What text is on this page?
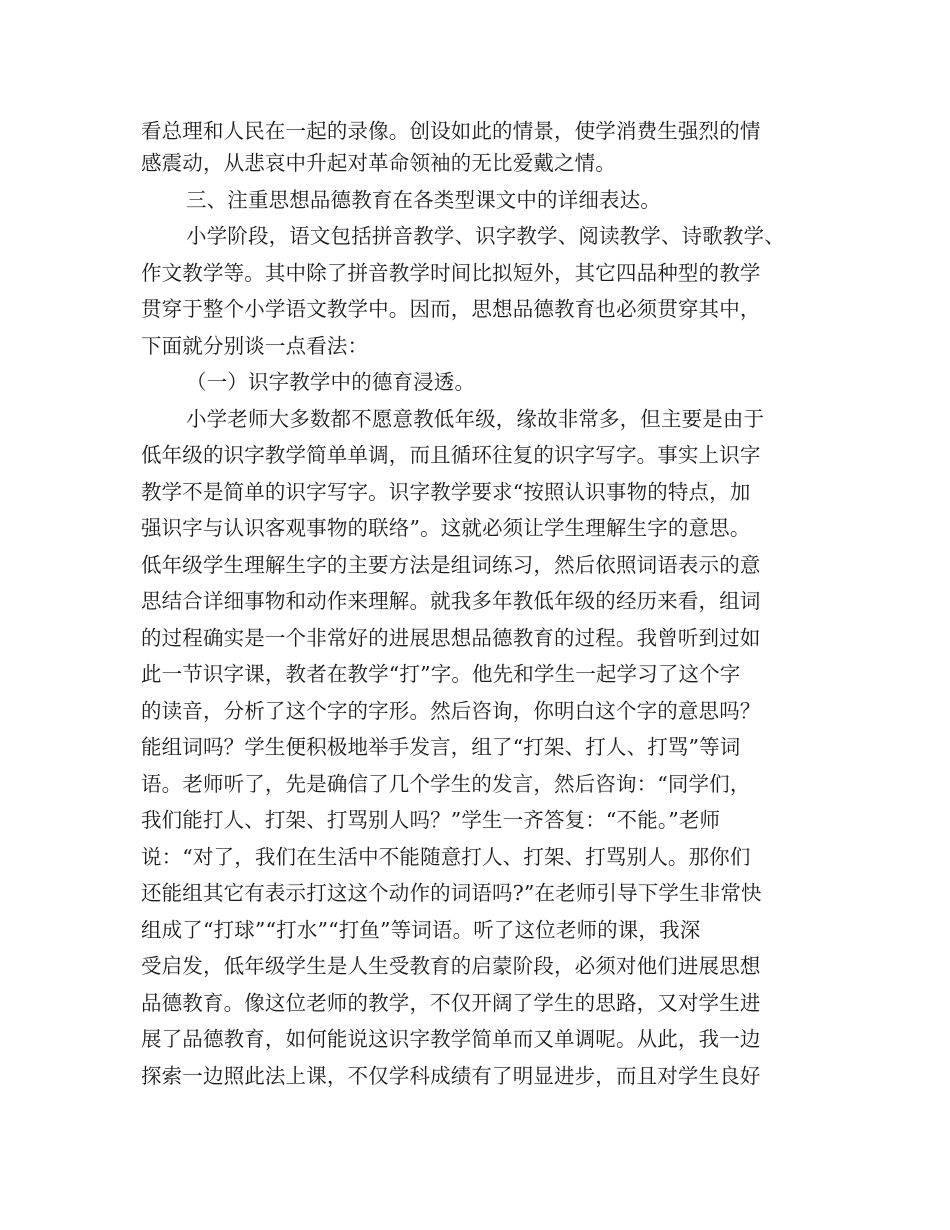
看总理和人民在一起的录像。创设如此的情景，使学消费生强烈的情
感震动，从悲哀中升起对革命领袖的无比爱戴之情。
三、注重思想品德教育在各类型课文中的详细表达。
小学阶段，语文包括拼音教学、识字教学、阅读教学、诗歌教学、
作文教学等。其中除了拼音教学时间比拟短外，其它四品种型的教学
贯穿于整个小学语文教学中。因而，思想品德教育也必须贯穿其中，
下面就分别谈一点看法：
（一）识字教学中的德育浸透。
小学老师大多数都不愿意教低年级，缘故非常多，但主要是由于
低年级的识字教学简单单调，而且循环往复的识字写字。事实上识字
教学不是简单的识字写字。识字教学要求“按照认识事物的特点，加
强识字与认识客观事物的联络”。这就必须让学生理解生字的意思。
低年级学生理解生字的主要方法是组词练习，然后依照词语表示的意
思结合详细事物和动作来理解。就我多年教低年级的经历来看，组词
的过程确实是一个非常好的进展思想品德教育的过程。我曾听到过如
此一节识字课，教者在教学“打”字。他先和学生一起学习了这个字
的读音，分析了这个字的字形。然后咨询，你明白这个字的意思吗？
能组词吗？学生便积极地举手发言，组了“打架、打人、打骂”等词
语。老师听了，先是确信了几个学生的发言，然后咨询：“同学们，
我们能打人、打架、打骂别人吗？”学生一齐答复：“不能。”老师
说：“对了，我们在生活中不能随意打人、打架、打骂别人。那你们
还能组其它有表示打这这个动作的词语吗?”在老师引导下学生非常快
组成了“打球”“打水”“打鱼”等词语。听了这位老师的课，我深
受启发，低年级学生是人生受教育的启蒙阶段，必须对他们进展思想
品德教育。像这位老师的教学，不仅开阔了学生的思路，又对学生进
展了品德教育，如何能说这识字教学简单而又单调呢。从此，我一边
探索一边照此法上课，不仅学科成绩有了明显进步，而且对学生良好
